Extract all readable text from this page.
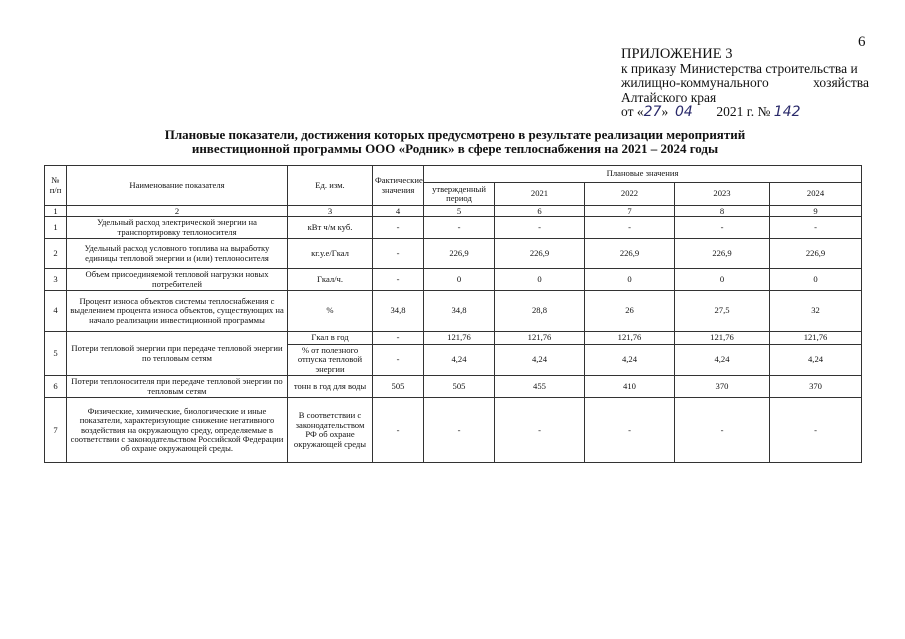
6
ПРИЛОЖЕНИЕ 3
к приказу Министерства строительства и
жилищно-коммунального	хозяйства
Алтайского края
от «27» 04 2021 г. № 142
Плановые показатели, достижения которых предусмотрено в результате реализации мероприятий
инвестиционной программы ООО «Родник» в сфере теплоснабжения на 2021 – 2024 годы
№ п/п	Наименование показателя	Ед. изм.	Фактические значения	Плановые значения				
				утвержденный период	2021	2022	2023	2024
1	2	3	4	5	6	7	8	9
1	Удельный расход электрической энергии на транспортировку теплоносителя	кВт ч/м куб.	-	-	-	-	-	-
2	Удельный расход условного топлива на выработку единицы тепловой энергии и (или) теплоносителя	кг.у.е/Гкал	-	226,9	226,9	226,9	226,9	226,9
3	Объем присоединяемой тепловой нагрузки новых потребителей	Гкал/ч.	-	0	0	0	0	0
4	Процент износа объектов системы теплоснабжения с выделением процента износа объектов, существующих на начало реализации инвестиционной программы	%	34,8	34,8	28,8	26	27,5	32
5	Потери тепловой энергии при передаче тепловой энергии по тепловым сетям	Гкал в год	-	121,76	121,76	121,76	121,76	121,76
		% от полезного отпуска тепловой энергии	-	4,24	4,24	4,24	4,24	4,24
6	Потери теплоносителя при передаче тепловой энергии по тепловым сетям	тонн в год для воды	505	505	455	410	370	370
7	Физические, химические, биологические и иные показатели, характеризующие снижение негативного воздействия на окружающую среду, определяемые в соответствии с законодательством Российской Федерации об охране окружающей среды.	В соответствии с законодательством РФ об охране окружающей среды	-	-	-	-	-	-
